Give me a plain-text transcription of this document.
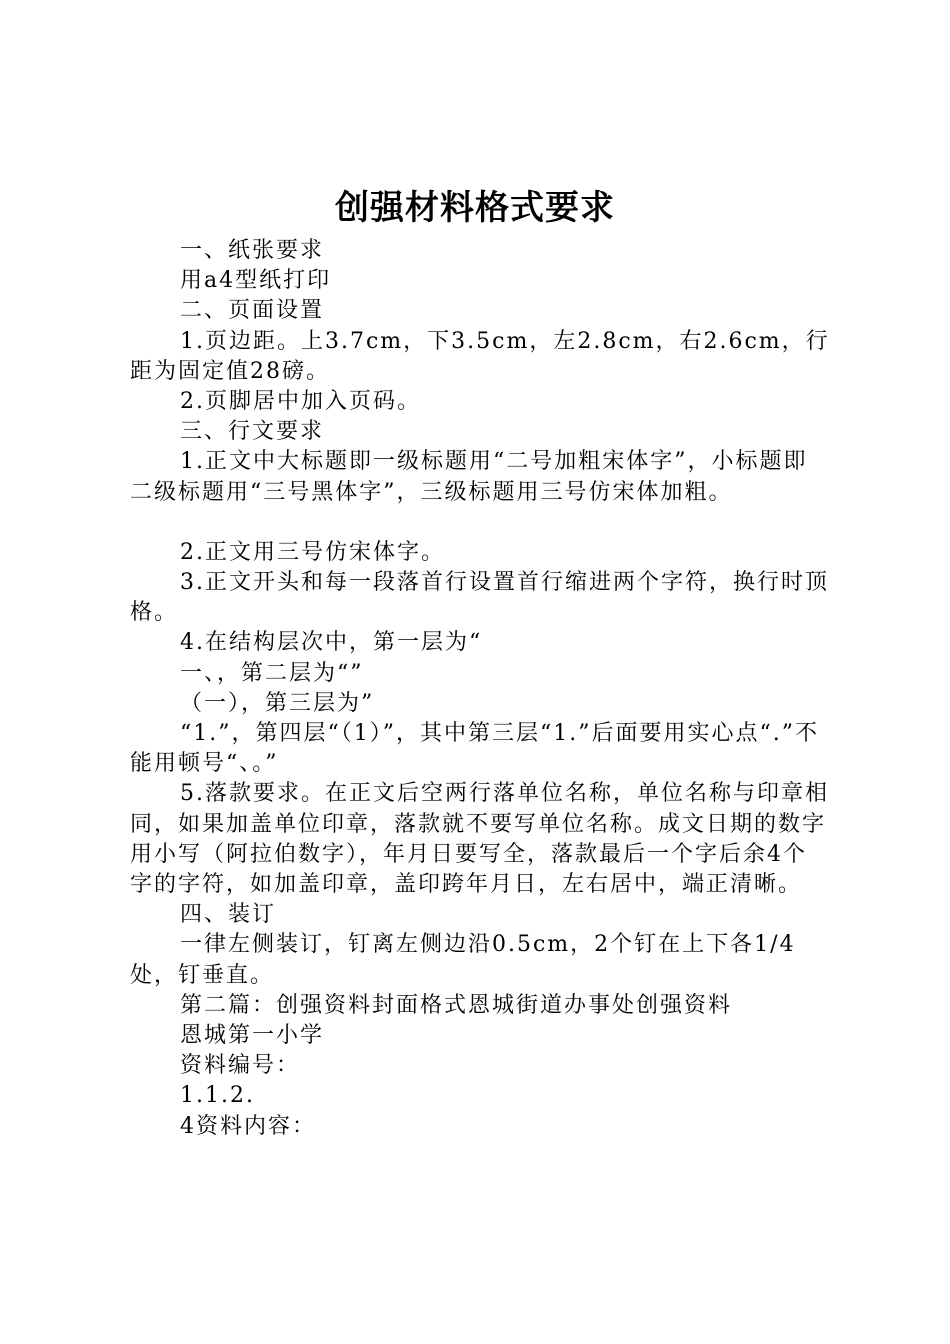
创强材料格式要求

一、纸张要求

用a4型纸打印

二、页面设置

1.页边距。上3.7cm，下3.5cm，左2.8cm，右2.6cm，行距为固定值28磅。

2.页脚居中加入页码。

三、行文要求

1.正文中大标题即一级标题用“二号加粗宋体字”，小标题即二级标题用“三号黑体字”，三级标题用三号仿宋体加粗。

2.正文用三号仿宋体字。

3.正文开头和每一段落首行设置首行缩进两个字符，换行时顶格。

4.在结构层次中，第一层为“

一、，第二层为“”

（一），第三层为”

“1.”，第四层“（1）”，其中第三层“1.”后面要用实心点“.”不能用顿号“、。”

5.落款要求。在正文后空两行落单位名称，单位名称与印章相同，如果加盖单位印章，落款就不要写单位名称。成文日期的数字用小写（阿拉伯数字），年月日要写全，落款最后一个字后余4个字的字符，如加盖印章，盖印跨年月日，左右居中，端正清晰。

四、装订

一律左侧装订，钉离左侧边沿0.5cm，2个钉在上下各1/4处，钉垂直。

第二篇：创强资料封面格式恩城街道办事处创强资料

恩城第一小学

资料编号：

1.1.2.

4资料内容：
